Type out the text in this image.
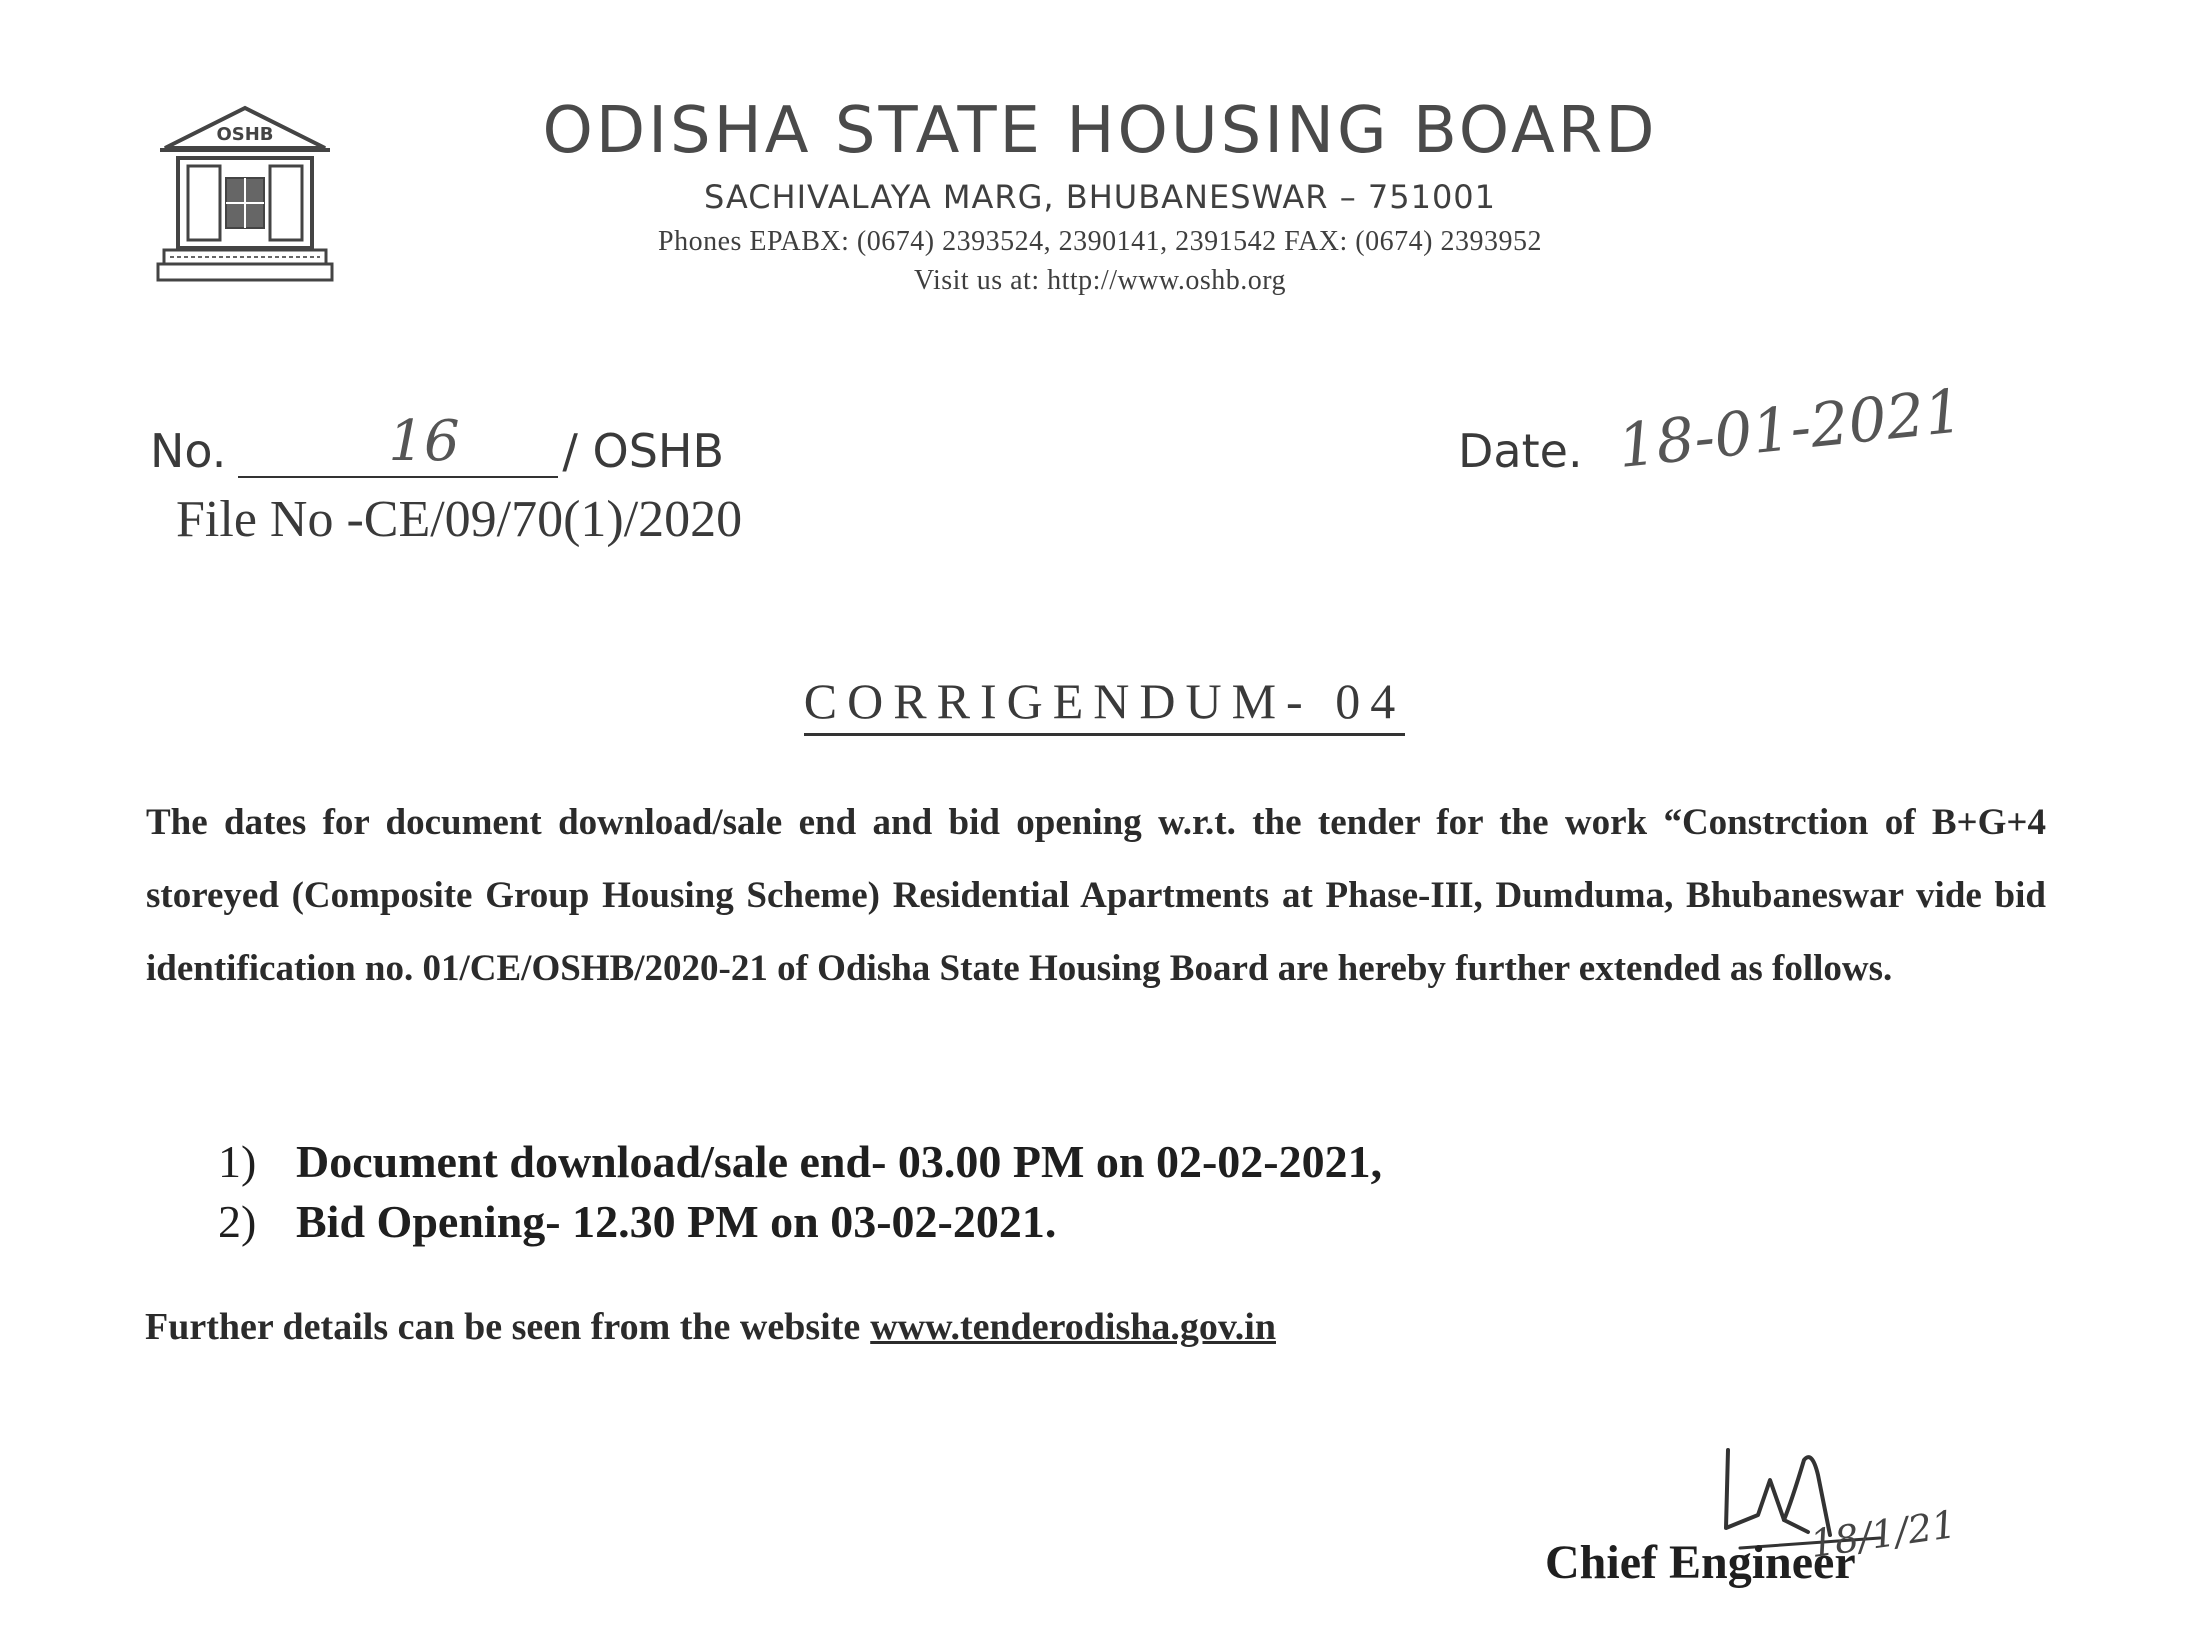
OSHB	ODISHA STATE HOUSING BOARD
SACHIVALAYA MARG, BHUBANESWAR – 751001
Phones EPABX: (0674) 2393524, 2390141, 2391542 FAX: (0674) 2393952
Visit us at: http://www.oshb.org
No.	16 / OSHB
File No -CE/09/70(1)/2020
Date. 18-01-2021
CORRIGENDUM- 04
The dates for document download/sale end and bid opening w.r.t. the tender for the work “Constrction of B+G+4 storeyed (Composite Group Housing Scheme) Residential Apartments at Phase-III, Dumduma, Bhubaneswar vide bid identification no. 01/CE/OSHB/2020-21 of Odisha State Housing Board are hereby further extended as follows.
1) Document download/sale end- 03.00 PM on 02-02-2021,
2) Bid Opening- 12.30 PM on 03-02-2021.
Further details can be seen from the website www.tenderodisha.gov.in
18/1/21
Chief Engineer
